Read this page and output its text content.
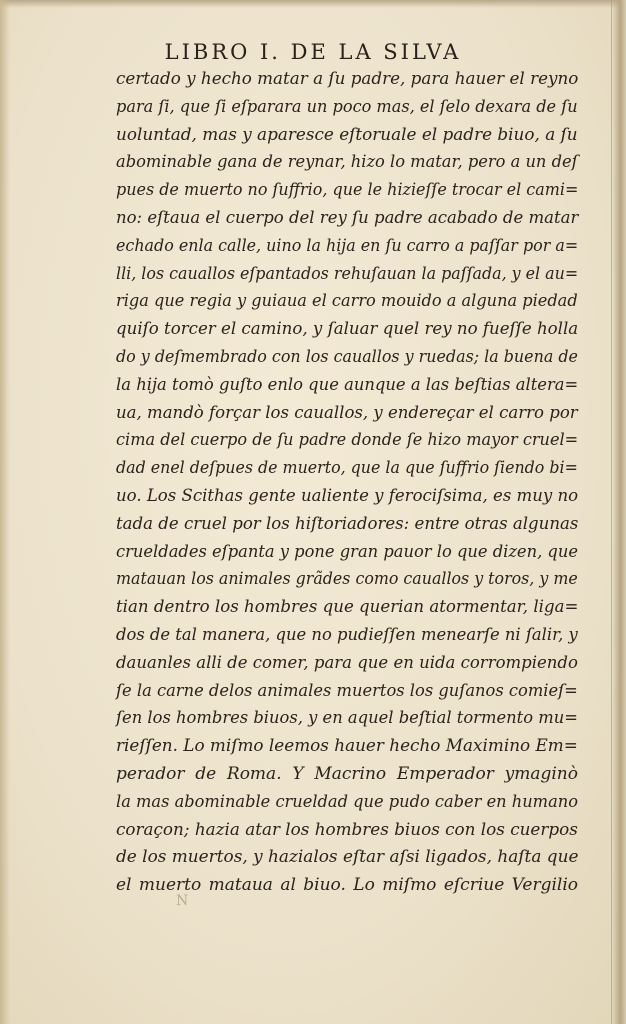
LIBRO I. DE LA SILVA
certado y hecho matar a ſu padre, para hauer el reyno
para ſi, que ſi eſparara un poco mas, el ſelo dexara de ſu
uoluntad, mas y aparesce eſtoruale el padre biuo, a ſu
abominable gana de reynar, hizo lo matar, pero a un deſ
pues de muerto no ſuffrio, que le hizieſſe trocar el cami=
no: eſtaua el cuerpo del rey ſu padre acabado de matar
echado enla calle, uino la hija en ſu carro a paſſar por a=
lli, los cauallos eſpantados rehuſauan la paſſada, y el au=
riga que regia y guiaua el carro mouido a alguna piedad
quiſo torcer el camino, y ſaluar quel rey no fueſſe holla
do y deſmembrado con los cauallos y ruedas; la buena de
la hija tomò guſto enlo que aunque a las beſtias altera=
ua, mandò forçar los cauallos, y endereçar el carro por
cima del cuerpo de ſu padre donde ſe hizo mayor cruel=
dad enel deſpues de muerto, que la que ſuffrio ſiendo bi=
uo. Los Scithas gente ualiente y ferociſsima, es muy no
tada de cruel por los hiſtoriadores: entre otras algunas
crueldades eſpanta y pone gran pauor lo que dizen, que
matauan los animales grãdes como cauallos y toros, y me
tian dentro los hombres que querian atormentar, liga=
dos de tal manera, que no pudieſſen menearſe ni ſalir, y
dauanles alli de comer, para que en uida corrompiendo
ſe la carne delos animales muertos los guſanos comieſ=
ſen los hombres biuos, y en aquel beſtial tormento mu=
rieſſen. Lo miſmo leemos hauer hecho Maximino Em=
perador de Roma. Y Macrino Emperador ymaginò
la mas abominable crueldad que pudo caber en humano
coraçon; hazia atar los hombres biuos con los cuerpos
de los muertos, y hazialos eſtar aſsi ligados, haſta que
el muerto mataua al biuo. Lo miſmo eſcriue Vergilio
N
